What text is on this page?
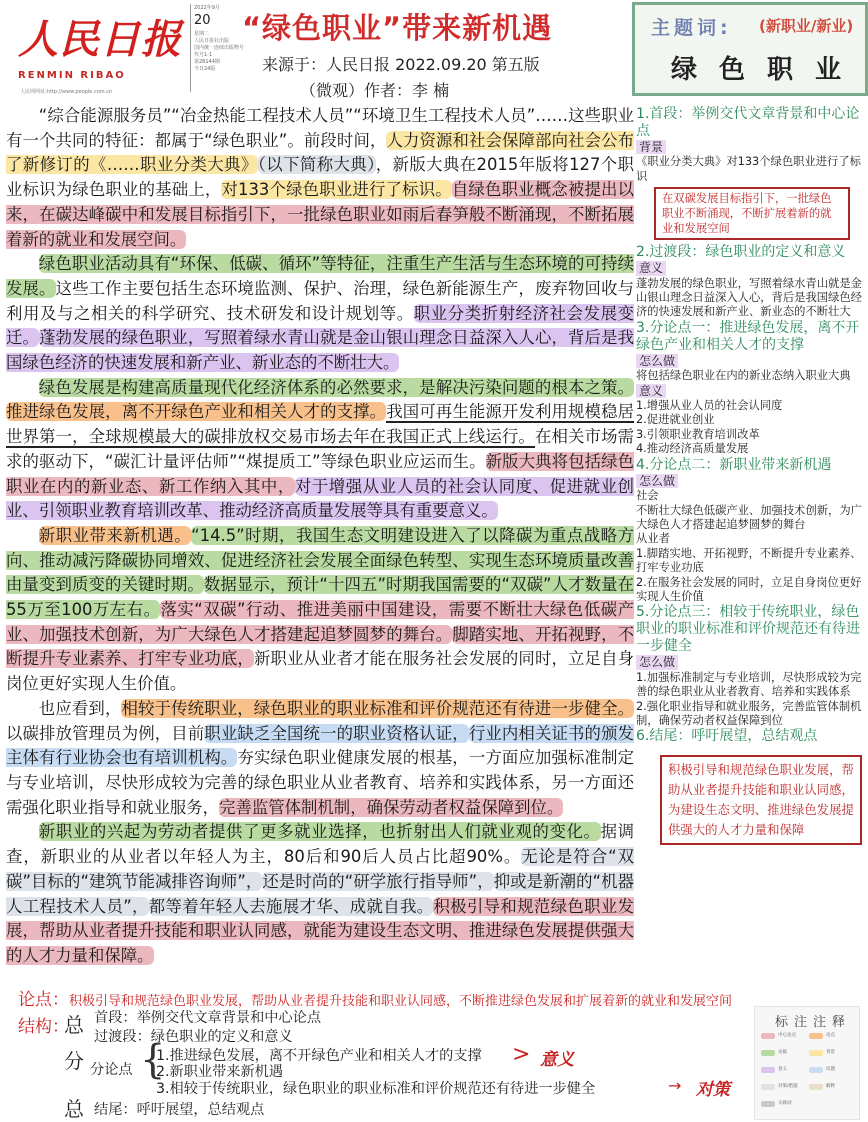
人民日报
RENMIN RIBAO
2022年9月
20
星期二
人民日报社出版
国内统一连续出版物号
代号1-1
第26144期
今日24版
人民网网址:http://www.people.com.cn
“绿色职业”带来新机遇
来源于：人民日报 2022.09.20 第五版
（微观）作者：李 楠
主题词: (新职业/新业)
绿色职业

“综合能源服务员”“冶金热能工程技术人员”“环境卫生工程技术人员”……这些职业有一个共同的特征：都属于“绿色职业”。前段时间，人力资源和社会保障部向社会公布了新修订的《……职业分类大典》（以下简称大典），新版大典在2015年版将127个职业标识为绿色职业的基础上，对133个绿色职业进行了标识。自绿色职业概念被提出以来，在碳达峰碳中和发展目标指引下，一批绿色职业如雨后春笋般不断涌现，不断拓展着新的就业和发展空间。

绿色职业活动具有“环保、低碳、循环”等特征，注重生产生活与生态环境的可持续发展。这些工作主要包括生态环境监测、保护、治理，绿色新能源生产，废弃物回收与利用及与之相关的科学研究、技术研发和设计规划等。职业分类折射经济社会发展变迁。蓬勃发展的绿色职业，写照着绿水青山就是金山银山理念日益深入人心，背后是我国绿色经济的快速发展和新产业、新业态的不断壮大。

绿色发展是构建高质量现代化经济体系的必然要求，是解决污染问题的根本之策。推进绿色发展，离不开绿色产业和相关人才的支撑。我国可再生能源开发利用规模稳居世界第一，全球规模最大的碳排放权交易市场去年在我国正式上线运行。在相关市场需求的驱动下，“碳汇计量评估师”“煤提质工”等绿色职业应运而生。新版大典将包括绿色职业在内的新业态、新工作纳入其中，对于增强从业人员的社会认同度、促进就业创业、引领职业教育培训改革、推动经济高质量发展等具有重要意义。

新职业带来新机遇。“14.5”时期，我国生态文明建设进入了以降碳为重点战略方向、推动减污降碳协同增效、促进经济社会发展全面绿色转型、实现生态环境质量改善由量变到质变的关键时期。数据显示，预计“十四五”时期我国需要的“双碳”人才数量在55万至100万左右。落实“双碳”行动、推进美丽中国建设，需要不断壮大绿色低碳产业、加强技术创新，为广大绿色人才搭建起追梦圆梦的舞台。脚踏实地、开拓视野，不断提升专业素养、打牢专业功底，新职业从业者才能在服务社会发展的同时，立足自身岗位更好实现人生价值。

也应看到，相较于传统职业，绿色职业的职业标准和评价规范还有待进一步健全。以碳排放管理员为例，目前职业缺乏全国统一的职业资格认证，行业内相关证书的颁发主体有行业协会也有培训机构。夯实绿色职业健康发展的根基，一方面应加强标准制定与专业培训，尽快形成较为完善的绿色职业从业者教育、培养和实践体系，另一方面还需强化职业指导和就业服务，完善监管体制机制，确保劳动者权益保障到位。

新职业的兴起为劳动者提供了更多就业选择，也折射出人们就业观的变化。据调查，新职业的从业者以年轻人为主，80后和90后人员占比超90%。无论是符合“双碳”目标的“建筑节能减排咨询师”，还是时尚的“研学旅行指导师”，抑或是新潮的“机器人工程技术人员”，都等着年轻人去施展才华、成就自我。积极引导和规范绿色职业发展，帮助从业者提升技能和职业认同感，就能为建设生态文明、推进绿色发展提供强大的人才力量和保障。

1.首段：举例交代文章背景和中心论点
背景
《职业分类大典》对133个绿色职业进行了标识
在双碳发展目标指引下，一批绿色职业不断涌现，不断扩展着新的就业和发展空间
2.过渡段：绿色职业的定义和意义
意义
蓬勃发展的绿色职业，写照着绿水青山就是金山银山理念日益深入人心，背后是我国绿色经济的快速发展和新产业、新业态的不断壮大
3.分论点一：推进绿色发展，离不开绿色产业和相关人才的支撑
怎么做
将包括绿色职业在内的新业态纳入职业大典
意义
1.增强从业人员的社会认同度
2.促进就业创业
3.引领职业教育培训改革
4.推动经济高质量发展
4.分论点二：新职业带来新机遇
怎么做
社会
不断壮大绿色低碳产业、加强技术创新，为广大绿色人才搭建起追梦圆梦的舞台
从业者
1.脚踏实地、开拓视野，不断提升专业素养、打牢专业功底
2.在服务社会发展的同时，立足自身岗位更好实现人生价值
5.分论点三：相较于传统职业，绿色职业的职业标准和评价规范还有待进一步健全
怎么做
1.加强标准制定与专业培训，尽快形成较为完善的绿色职业从业者教育、培养和实践体系
2.强化职业指导和就业服务，完善监管体制机制，确保劳动者权益保障到位
6.结尾：呼吁展望，总结观点
积极引导和规范绿色职业发展，帮助从业者提升技能和职业认同感，为建设生态文明、推进绿色发展提供强大的人才力量和保障
论点：积极引导和规范绿色职业发展，帮助从业者提升技能和职业认同感，不断推进绿色发展和扩展着新的就业和发展空间
结构：
总 首段：举例交代文章背景和中心论点
过渡段：绿色职业的定义和意义
分 分论点 {
1.推进绿色发展，离不开绿色产业和相关人才的支撑
2.新职业带来新机遇
3.相较于传统职业，绿色职业的职业标准和评价规范还有待进一步健全
> 意义
→ 对策
总 结尾：呼吁展望，总结观点
标注注释
中心论点	论点
论据	背景
意义	问题
对策/措施	解释
关联词
